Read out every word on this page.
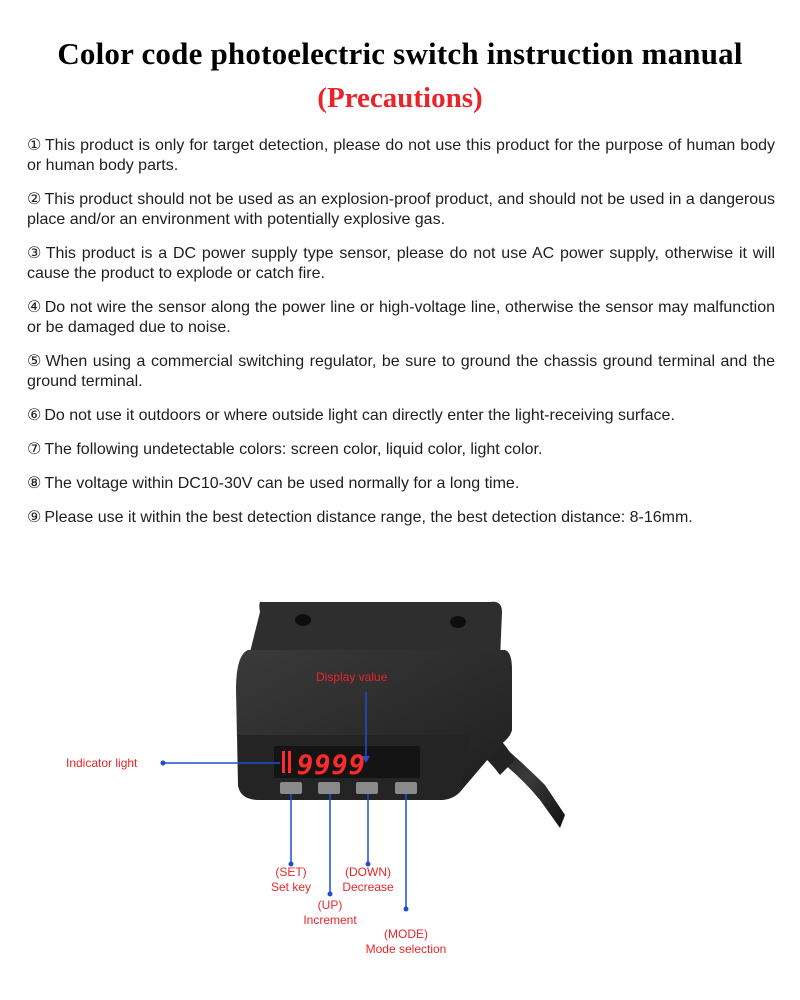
Color code photoelectric switch instruction manual
(Precautions)
① This product is only for target detection, please do not use this product for the purpose of human body or human body parts.
② This product should not be used as an explosion-proof product, and should not be used in a dangerous place and/or an environment with potentially explosive gas.
③ This product is a DC power supply type sensor, please do not use AC power supply, otherwise it will cause the product to explode or catch fire.
④ Do not wire the sensor along the power line or high-voltage line, otherwise the sensor may malfunction or be damaged due to noise.
⑤ When using a commercial switching regulator, be sure to ground the chassis ground terminal and the ground terminal.
⑥ Do not use it outdoors or where outside light can directly enter the light-receiving surface.
⑦ The following undetectable colors: screen color, liquid color, light color.
⑧ The voltage within DC10-30V can be used normally for a long time.
⑨ Please use it within the best detection distance range, the best detection distance: 8-16mm.
9999
Display value
Indicator light
(SET)
Set key
(UP)
Increment
(DOWN)
Decrease
(MODE)
Mode selection
